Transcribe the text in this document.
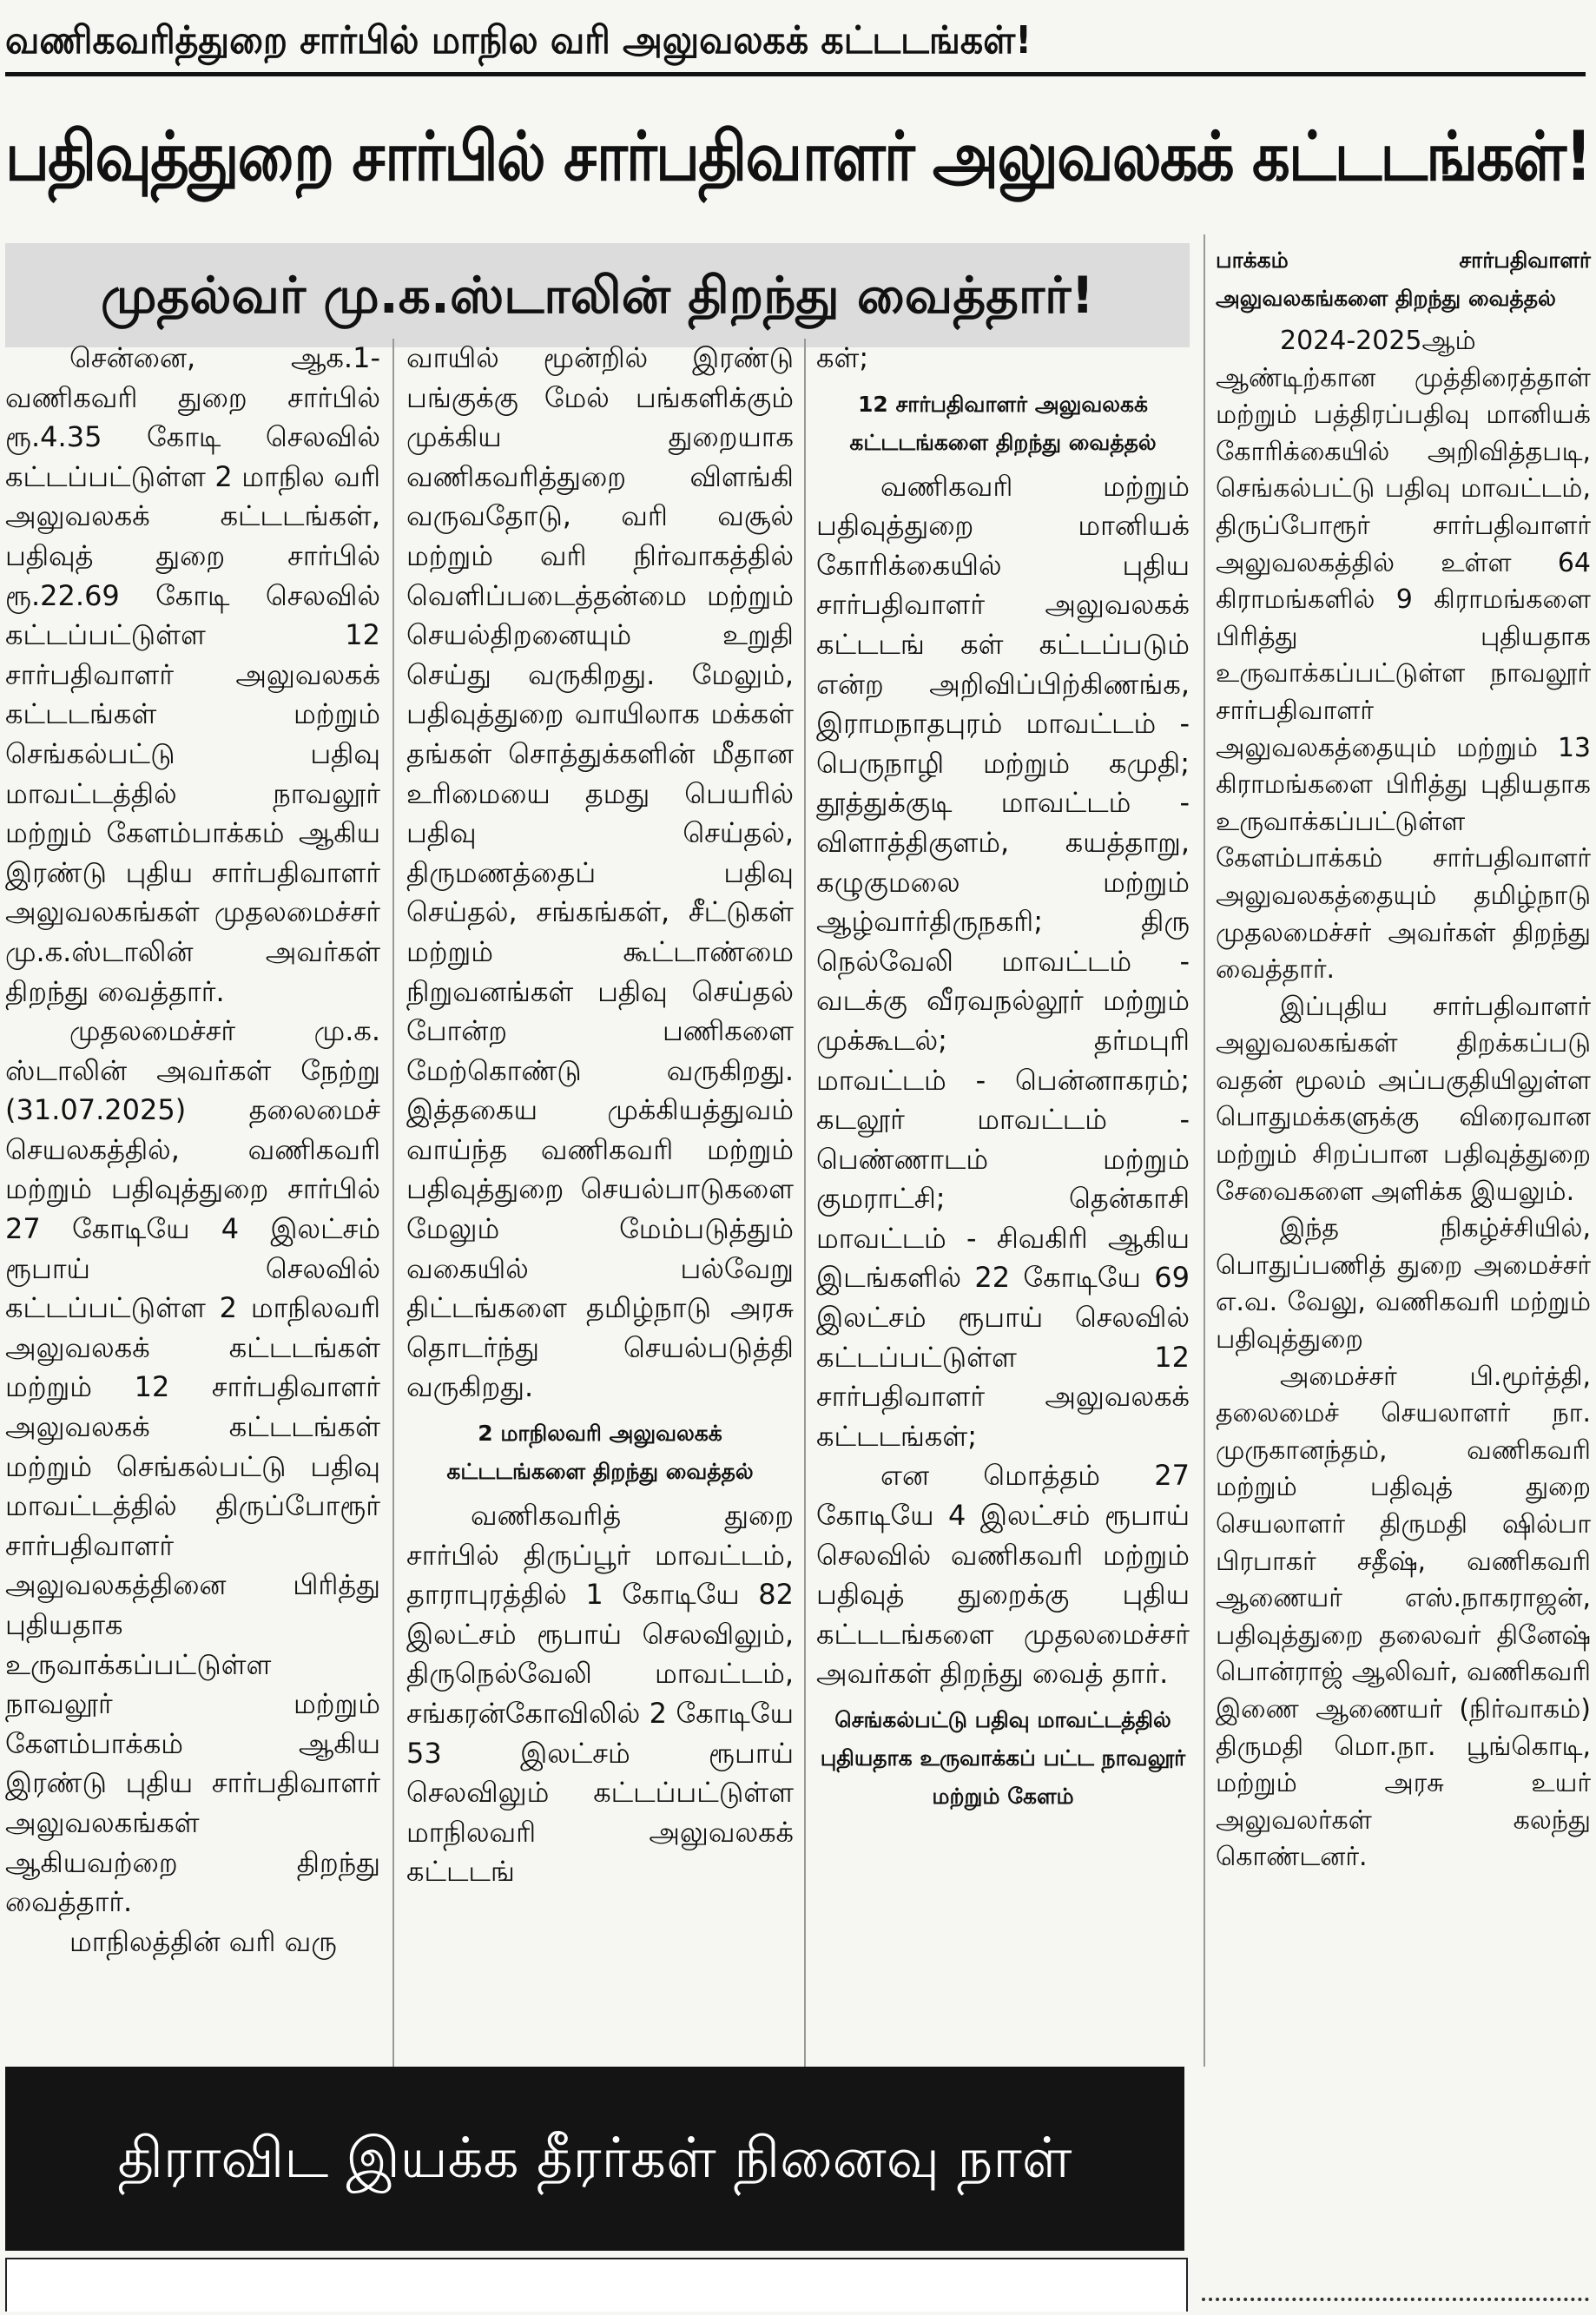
வணிகவரித்துறை சார்பில் மாநில வரி அலுவலகக் கட்டடங்கள்!
பதிவுத்துறை சார்பில் சார்பதிவாளர் அலுவலகக் கட்டடங்கள்!
முதல்வர் மு.க.ஸ்டாலின் திறந்து வைத்தார்!

சென்னை, ஆக.1- வணிகவரி துறை சார்பில் ரூ.4.35 கோடி செலவில் கட்டப்பட்டுள்ள 2 மாநில வரி அலுவலகக் கட்டடங்கள், பதிவுத் துறை சார்பில் ரூ.22.69 கோடி செலவில் கட்டப்பட்டுள்ள 12 சார்பதிவாளர் அலுவலகக் கட்டடங்கள் மற்றும் செங்கல்பட்டு பதிவு மாவட்டத்தில் நாவலூர் மற்றும் கேளம்பாக்கம் ஆகிய இரண்டு புதிய சார்பதிவாளர் அலுவலகங்கள் முதலமைச்சர் மு.க.ஸ்டாலின் அவர்கள் திறந்து வைத்தார்.

முதலமைச்சர் மு.க. ஸ்டாலின் அவர்கள் நேற்று (31.07.2025) தலைமைச் செயலகத்தில், வணிகவரி மற்றும் பதிவுத்துறை சார்பில் 27 கோடியே 4 இலட்சம் ரூபாய் செலவில் கட்டப்பட்டுள்ள 2 மாநிலவரி அலுவலகக் கட்டடங்கள் மற்றும் 12 சார்பதிவாளர் அலுவலகக் கட்டடங்கள் மற்றும் செங்கல்பட்டு பதிவு மாவட்டத்தில் திருப்போரூர் சார்பதிவாளர் அலுவலகத்தினை பிரித்து புதியதாக உருவாக்கப்பட்டுள்ள நாவலூர் மற்றும் கேளம்பாக்கம் ஆகிய இரண்டு புதிய சார்பதிவாளர் அலுவலகங்கள் ஆகியவற்றை திறந்து வைத்தார்.

மாநிலத்தின் வரி வரு

வாயில் மூன்றில் இரண்டு பங்குக்கு மேல் பங்களிக்கும் முக்கிய துறையாக வணிகவரித்துறை விளங்கி வருவதோடு, வரி வசூல் மற்றும் வரி நிர்வாகத்தில் வெளிப்படைத்தன்மை மற்றும் செயல்திறனையும் உறுதி செய்து வருகிறது. மேலும், பதிவுத்துறை வாயிலாக மக்கள் தங்கள் சொத்துக்களின் மீதான உரிமையை தமது பெயரில் பதிவு செய்தல், திருமணத்தைப் பதிவு செய்தல், சங்கங்கள், சீட்டுகள் மற்றும் கூட்டாண்மை நிறுவனங்கள் பதிவு செய்தல் போன்ற பணிகளை மேற்கொண்டு வருகிறது. இத்தகைய முக்கியத்துவம் வாய்ந்த வணிகவரி மற்றும் பதிவுத்துறை செயல்பாடுகளை மேலும் மேம்படுத்தும் வகையில் பல்வேறு திட்டங்களை தமிழ்நாடு அரசு தொடர்ந்து செயல்படுத்தி வருகிறது.

2 மாநிலவரி அலுவலகக் கட்டடங்களை திறந்து வைத்தல்

வணிகவரித் துறை சார்பில் திருப்பூர் மாவட்டம், தாராபுரத்தில் 1 கோடியே 82 இலட்சம் ரூபாய் செலவிலும், திருநெல்வேலி மாவட்டம், சங்கரன்கோவிலில் 2 கோடியே 53 இலட்சம் ரூபாய் செலவிலும் கட்டப்பட்டுள்ள மாநிலவரி அலுவலகக் கட்டடங்

கள்;

12 சார்பதிவாளர் அலுவலகக் கட்டடங்களை திறந்து வைத்தல்

வணிகவரி மற்றும் பதிவுத்துறை மானியக் கோரிக்கையில் புதிய சார்பதிவாளர் அலுவலகக் கட்டடங் கள் கட்டப்படும் என்ற அறிவிப்பிற்கிணங்க, இராமநாதபுரம் மாவட்டம் - பெருநாழி மற்றும் கமுதி; தூத்துக்குடி மாவட்டம் - விளாத்திகுளம், கயத்தாறு, கழுகுமலை மற்றும் ஆழ்வார்திருநகரி; திரு நெல்வேலி மாவட்டம் - வடக்கு வீரவநல்லூர் மற்றும் முக்கூடல்; தர்மபுரி மாவட்டம் - பென்னாகரம்; கடலூர் மாவட்டம் - பெண்ணாடம் மற்றும் குமராட்சி; தென்காசி மாவட்டம் - சிவகிரி ஆகிய இடங்களில் 22 கோடியே 69 இலட்சம் ரூபாய் செலவில் கட்டப்பட்டுள்ள 12 சார்பதிவாளர் அலுவலகக் கட்டடங்கள்;

என மொத்தம் 27 கோடியே 4 இலட்சம் ரூபாய் செலவில் வணிகவரி மற்றும் பதிவுத் துறைக்கு புதிய கட்டடங்களை முதலமைச்சர் அவர்கள் திறந்து வைத் தார்.

செங்கல்பட்டு பதிவு மாவட்டத்தில் புதியதாக உருவாக்கப் பட்ட நாவலூர் மற்றும் கேளம்

பாக்கம் சார்பதிவாளர் அலுவலகங்களை திறந்து வைத்தல்

2024-2025ஆம் ஆண்டிற்கான முத்திரைத்தாள் மற்றும் பத்திரப்பதிவு மானியக் கோரிக்கையில் அறிவித்தபடி, செங்கல்பட்டு பதிவு மாவட்டம், திருப்போரூர் சார்பதிவாளர் அலுவலகத்தில் உள்ள 64 கிராமங்களில் 9 கிராமங்களை பிரித்து புதியதாக உருவாக்கப்பட்டுள்ள நாவலூர் சார்பதிவாளர் அலுவலகத்தையும் மற்றும் 13 கிராமங்களை பிரித்து புதியதாக உருவாக்கப்பட்டுள்ள கேளம்பாக்கம் சார்பதிவாளர் அலுவலகத்தையும் தமிழ்நாடு முதலமைச்சர் அவர்கள் திறந்து வைத்தார்.

இப்புதிய சார்பதிவாளர் அலுவலகங்கள் திறக்கப்படு வதன் மூலம் அப்பகுதியிலுள்ள பொதுமக்களுக்கு விரைவான மற்றும் சிறப்பான பதிவுத்துறை சேவைகளை அளிக்க இயலும்.

இந்த நிகழ்ச்சியில், பொதுப்பணித் துறை அமைச்சர் எ.வ. வேலு, வணிகவரி மற்றும் பதிவுத்துறை

அமைச்சர் பி.மூர்த்தி, தலைமைச் செயலாளர் நா. முருகானந்தம், வணிகவரி மற்றும் பதிவுத் துறை செயலாளர் திருமதி ஷில்பா பிரபாகர் சதீஷ், வணிகவரி ஆணையர் எஸ்.நாகராஜன், பதிவுத்துறை தலைவர் தினேஷ் பொன்ராஜ் ஆலிவர், வணிகவரி இணை ஆணையர் (நிர்வாகம்) திருமதி மொ.நா. பூங்கொடி, மற்றும் அரசு உயர் அலுவலர்கள் கலந்து கொண்டனர்.

திராவிட இயக்க தீரர்கள் நினைவு நாள்
